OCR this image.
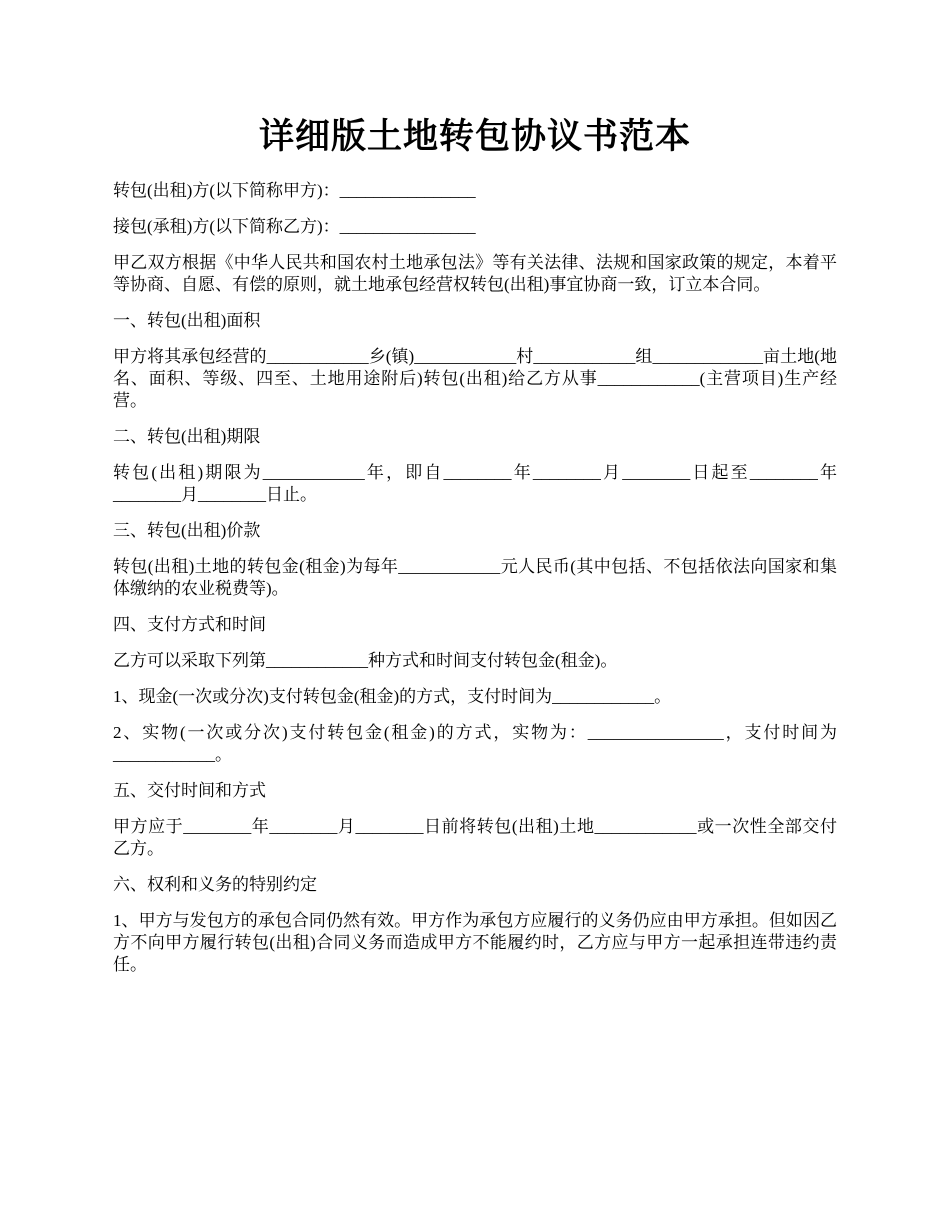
详细版土地转包协议书范本

转包(出租)方(以下简称甲方)：________________

接包(承租)方(以下简称乙方)：________________

甲乙双方根据《中华人民共和国农村土地承包法》等有关法律、法规和国家政策的规定，本着平等协商、自愿、有偿的原则，就土地承包经营权转包(出租)事宜协商一致，订立本合同。

一、转包(出租)面积

甲方将其承包经营的____________乡(镇)____________村____________组_____________亩土地(地名、面积、等级、四至、土地用途附后)转包(出租)给乙方从事____________(主营项目)生产经营。

二、转包(出租)期限

转包(出租)期限为____________年，即自________年________月________日起至________年________月________日止。

三、转包(出租)价款

转包(出租)土地的转包金(租金)为每年____________元人民币(其中包括、不包括依法向国家和集体缴纳的农业税费等)。

四、支付方式和时间

乙方可以采取下列第____________种方式和时间支付转包金(租金)。

1、现金(一次或分次)支付转包金(租金)的方式，支付时间为____________。

2、实物(一次或分次)支付转包金(租金)的方式，实物为：________________，支付时间为____________。

五、交付时间和方式

甲方应于________年________月________日前将转包(出租)土地____________或一次性全部交付乙方。

六、权利和义务的特别约定

1、甲方与发包方的承包合同仍然有效。甲方作为承包方应履行的义务仍应由甲方承担。但如因乙方不向甲方履行转包(出租)合同义务而造成甲方不能履约时，乙方应与甲方一起承担连带违约责任。
